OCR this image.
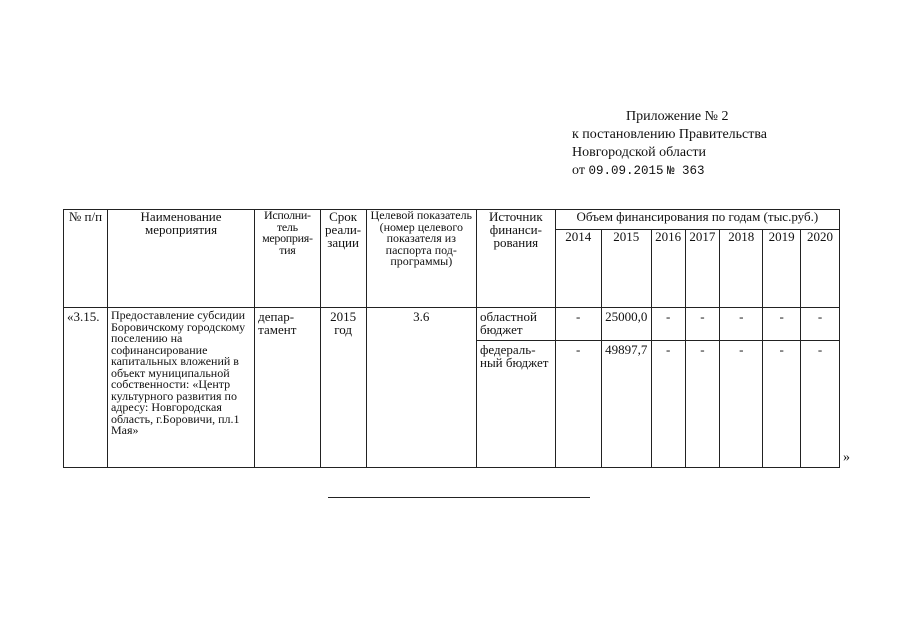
Приложение № 2
к постановлению Правительства
Новгородской области
от 09.09.2015 № 363
№ п/п	Наименование мероприятия	Исполни-тель мероприя-тия	Срок реали-зации	Целевой показатель (номер целевого показателя из паспорта под-программы)	Источник финанси-рования	Объем финансирования по годам (тыс.руб.)						
						2014	2015	2016	2017	2018	2019	2020
«3.15.	Предоставление субсидии Боровичскому городскому поселению на софинансирование капитальных вложений в объект муниципальной собственности: «Центр культурного развития по адресу: Новгородская область, г.Боровичи, пл.1 Мая»	депар-тамент	2015 год	3.6	областной бюджет	-	25000,0	-	-	-	-	-
					федераль-ный бюджет	-	49897,7	-	-	-	-	-
»
